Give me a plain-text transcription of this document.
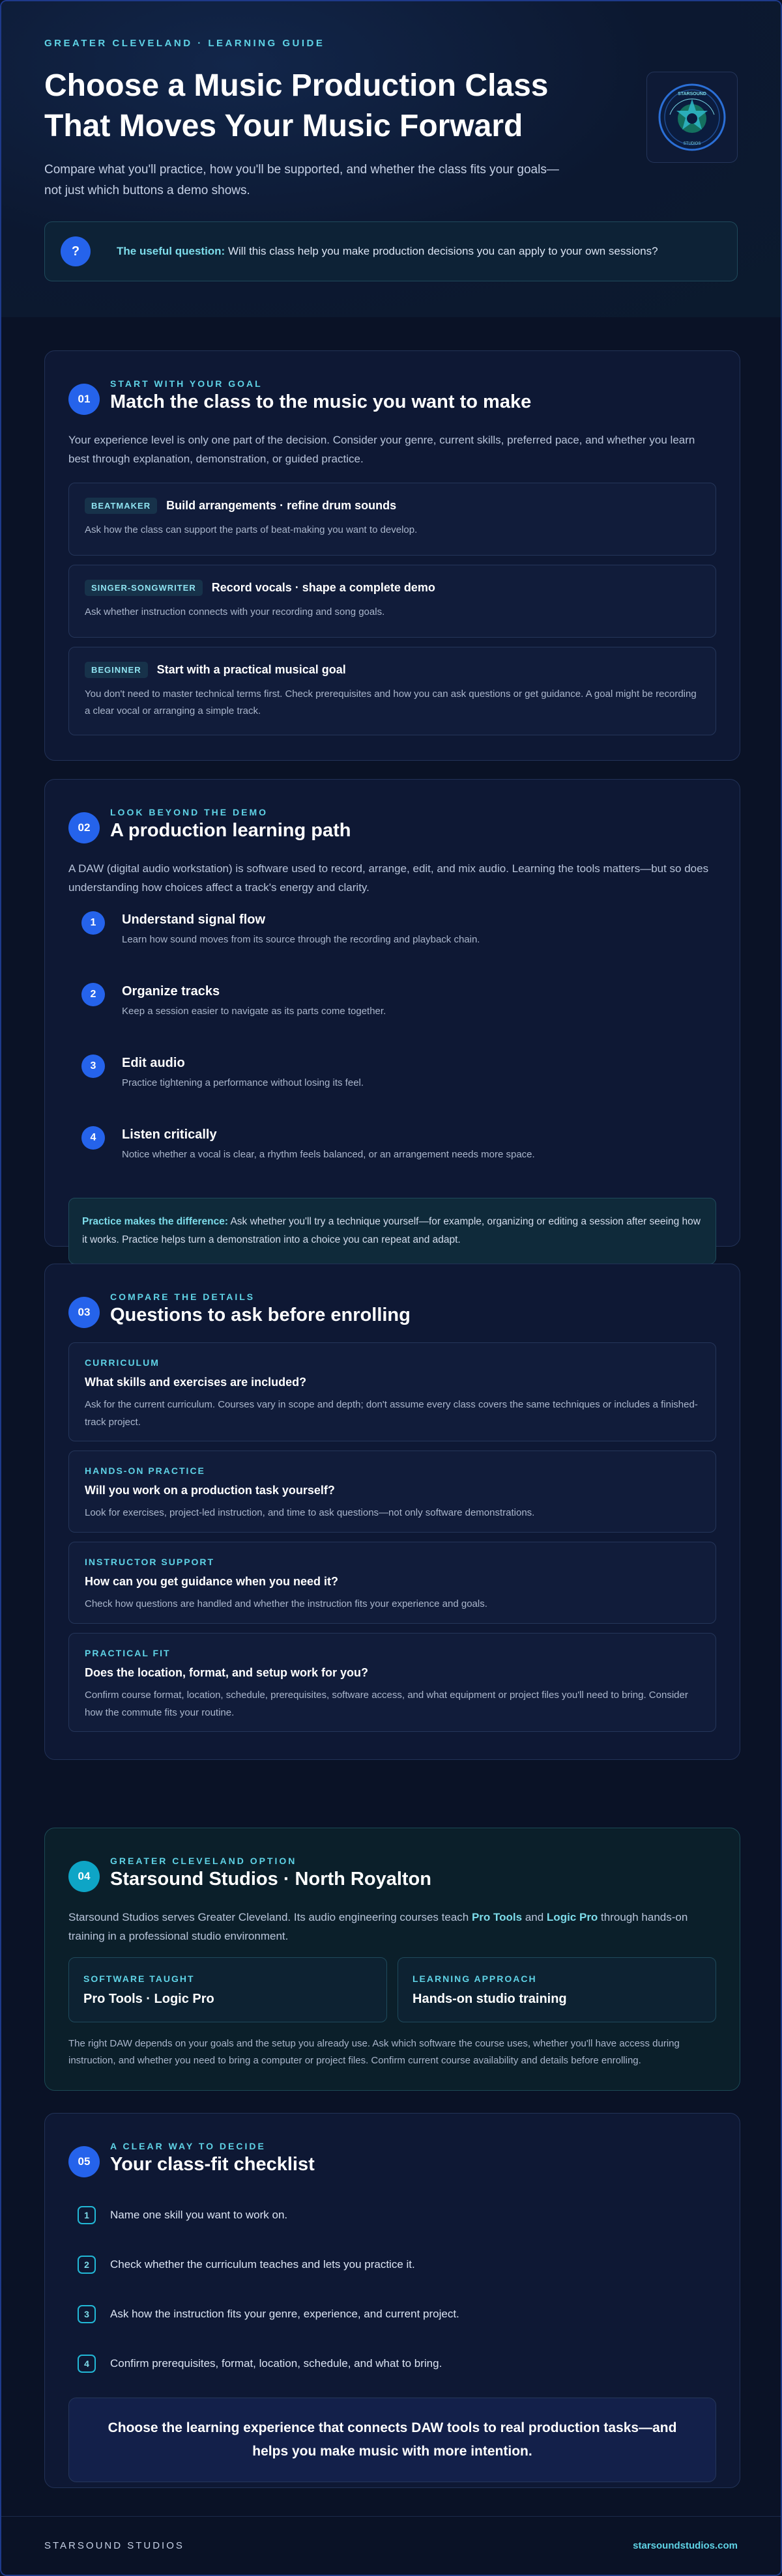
GREATER CLEVELAND · LEARNING GUIDE
Choose a Music Production Class That Moves Your Music Forward

Compare what you'll practice, how you'll be supported, and whether the class fits your goals—not just which buttons a demo shows.

STARSOUND
STUDIOS
?	The useful question: Will this class help you make production decisions you can apply to your own sessions?
01
START WITH YOUR GOAL
Match the class to the music you want to make

Your experience level is only one part of the decision. Consider your genre, current skills, preferred pace, and whether you learn best through explanation, demonstration, or guided practice.

BEATMAKER	Build arrangements · refine drum sounds

Ask how the class can support the parts of beat-making you want to develop.

SINGER-SONGWRITER	Record vocals · shape a complete demo

Ask whether instruction connects with your recording and song goals.

BEGINNER	Start with a practical musical goal

You don't need to master technical terms first. Check prerequisites and how you can ask questions or get guidance. A goal might be recording a clear vocal or arranging a simple track.

02
LOOK BEYOND THE DEMO
A production learning path

A DAW (digital audio workstation) is software used to record, arrange, edit, and mix audio. Learning the tools matters—but so does understanding how choices affect a track's energy and clarity.

1	Understand signal flow
Learn how sound moves from its source through the recording and playback chain.
2	Organize tracks
Keep a session easier to navigate as its parts come together.
3	Edit audio
Practice tightening a performance without losing its feel.
4	Listen critically
Notice whether a vocal is clear, a rhythm feels balanced, or an arrangement needs more space.
Practice makes the difference: Ask whether you'll try a technique yourself—for example, organizing or editing a session after seeing how it works. Practice helps turn a demonstration into a choice you can repeat and adapt.
03
COMPARE THE DETAILS
Questions to ask before enrolling
CURRICULUM
What skills and exercises are included?
Ask for the current curriculum. Courses vary in scope and depth; don't assume every class covers the same techniques or includes a finished-track project.
HANDS-ON PRACTICE
Will you work on a production task yourself?
Look for exercises, project-led instruction, and time to ask questions—not only software demonstrations.
INSTRUCTOR SUPPORT
How can you get guidance when you need it?
Check how questions are handled and whether the instruction fits your experience and goals.
PRACTICAL FIT
Does the location, format, and setup work for you?
Confirm course format, location, schedule, prerequisites, software access, and what equipment or project files you'll need to bring. Consider how the commute fits your routine.
04
GREATER CLEVELAND OPTION
Starsound Studios · North Royalton

Starsound Studios serves Greater Cleveland. Its audio engineering courses teach Pro Tools and Logic Pro through hands-on training in a professional studio environment.

SOFTWARE TAUGHT
Pro Tools · Logic Pro
LEARNING APPROACH
Hands-on studio training

The right DAW depends on your goals and the setup you already use. Ask which software the course uses, whether you'll have access during instruction, and whether you need to bring a computer or project files. Confirm current course availability and details before enrolling.

05
A CLEAR WAY TO DECIDE
Your class-fit checklist
1	Name one skill you want to work on.
2	Check whether the curriculum teaches and lets you practice it.
3	Ask how the instruction fits your genre, experience, and current project.
4	Confirm prerequisites, format, location, schedule, and what to bring.
Choose the learning experience that connects DAW tools to real production tasks—and helps you make music with more intention.
STARSOUND STUDIOS	starsoundstudios.com
